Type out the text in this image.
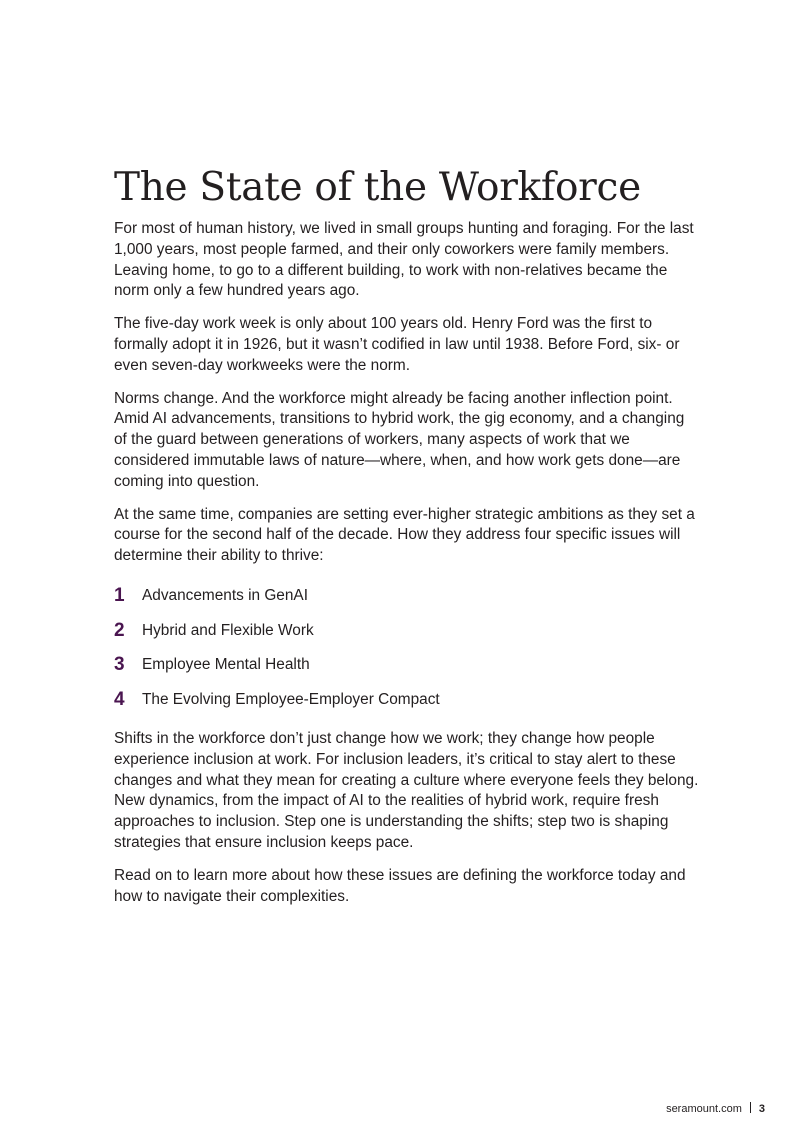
The State of the Workforce

For most of human history, we lived in small groups hunting and foraging. For the last 1,000 years, most people farmed, and their only coworkers were family members. Leaving home, to go to a different building, to work with non-relatives became the norm only a few hundred years ago.

The five-day work week is only about 100 years old. Henry Ford was the first to formally adopt it in 1926, but it wasn’t codified in law until 1938. Before Ford, six- or even seven-day workweeks were the norm.

Norms change. And the workforce might already be facing another inflection point. Amid AI advancements, transitions to hybrid work, the gig economy, and a changing of the guard between generations of workers, many aspects of work that we considered immutable laws of nature—where, when, and how work gets done—are coming into question.

At the same time, companies are setting ever-higher strategic ambitions as they set a course for the second half of the decade. How they address four specific issues will determine their ability to thrive:

1	Advancements in GenAI
2	Hybrid and Flexible Work
3	Employee Mental Health
4	The Evolving Employee-Employer Compact

Shifts in the workforce don’t just change how we work; they change how people experience inclusion at work. For inclusion leaders, it’s critical to stay alert to these changes and what they mean for creating a culture where everyone feels they belong. New dynamics, from the impact of AI to the realities of hybrid work, require fresh approaches to inclusion. Step one is understanding the shifts; step two is shaping strategies that ensure inclusion keeps pace.

Read on to learn more about how these issues are defining the workforce today and how to navigate their complexities.

seramount.com 3
